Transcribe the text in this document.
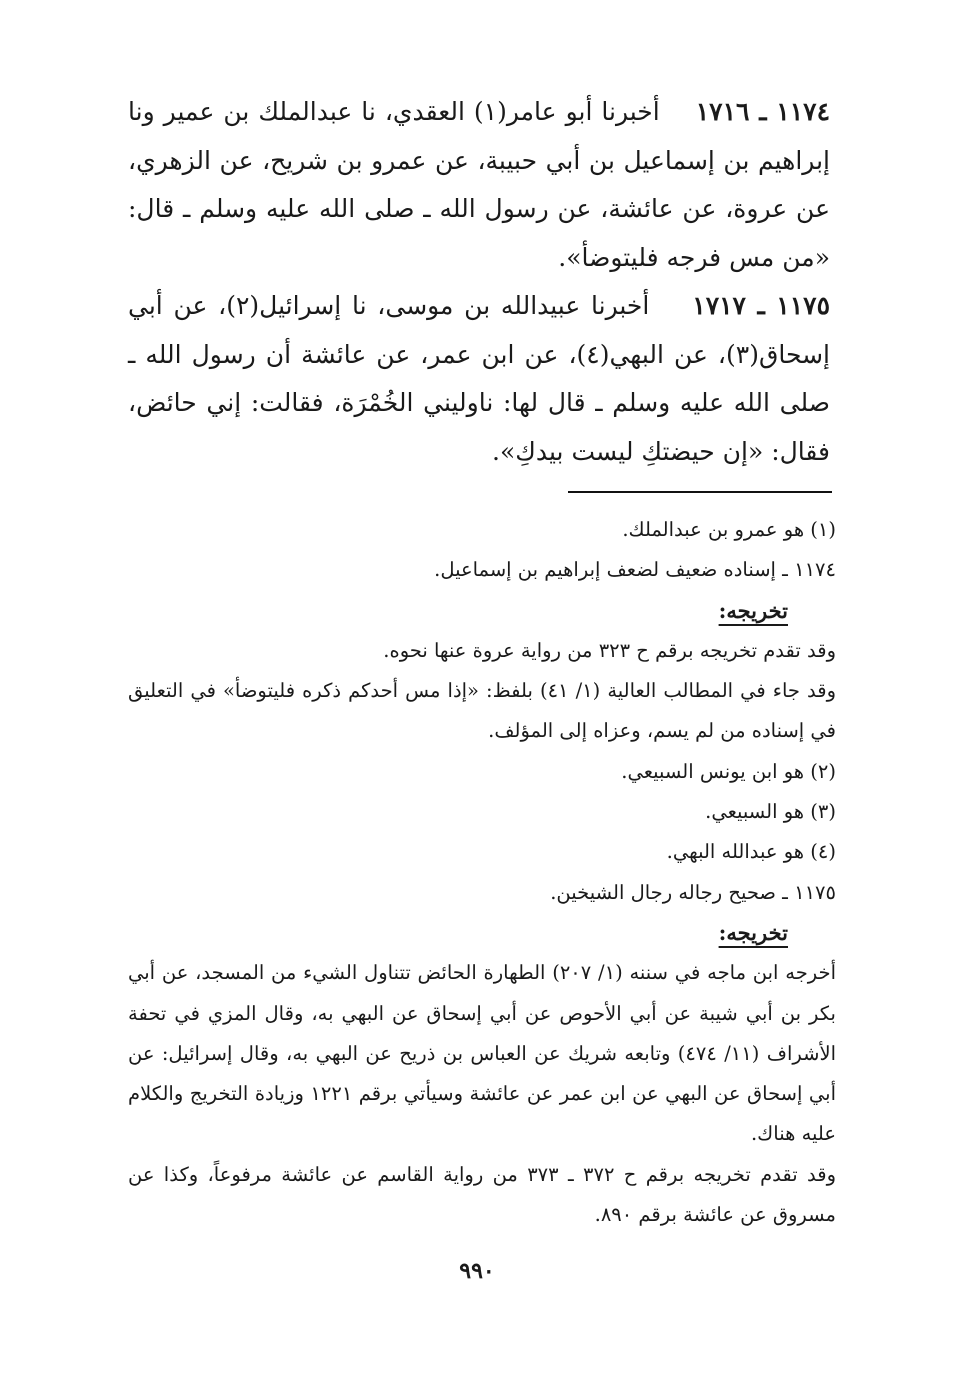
١١٧٤ ـ ١٧١٦    أخبرنا أبو عامر(١) العقدي، نا عبدالملك بن عمير ونا إبراهيم بن إسماعيل بن أبي حبيبة، عن عمرو بن شريح، عن الزهري، عن عروة، عن عائشة، عن رسول الله ـ صلى الله عليه وسلم ـ قال: «من مس فرجه فليتوضأ».

١١٧٥ ـ ١٧١٧    أخبرنا عبيدالله بن موسى، نا إسرائيل(٢)، عن أبي إسحاق(٣)، عن البهي(٤)، عن ابن عمر، عن عائشة أن رسول الله ـ صلى الله عليه وسلم ـ قال لها: ناوليني الخُمْرَة، فقالت: إني حائض، فقال: «إن حيضتكِ ليست بيدكِ».

(١) هو عمرو بن عبدالملك.

١١٧٤ ـ إسناده ضعيف لضعف إبراهيم بن إسماعيل.

تخريجه:

وقد تقدم تخريجه برقم ح ٣٢٣ من رواية عروة عنها نحوه.

وقد جاء في المطالب العالية (١/ ٤١) بلفظ: «إذا مس أحدكم ذكره فليتوضأ» في التعليق في إسناده من لم يسم، وعزاه إلى المؤلف.

(٢) هو ابن يونس السبيعي.

(٣) هو السبيعي.

(٤) هو عبدالله البهي.

١١٧٥ ـ صحيح رجاله رجال الشيخين.

تخريجه:

أخرجه ابن ماجه في سننه (١/ ٢٠٧) الطهارة الحائض تتناول الشيء من المسجد، عن أبي بكر بن أبي شيبة عن أبي الأحوص عن أبي إسحاق عن البهي به، وقال المزي في تحفة الأشراف (١١/ ٤٧٤) وتابعه شريك عن العباس بن ذريح عن البهي به، وقال إسرائيل: عن أبي إسحاق عن البهي عن ابن عمر عن عائشة وسيأتي برقم ١٢٢١ وزيادة التخريج والكلام عليه هناك.

وقد تقدم تخريجه برقم ح ٣٧٢ ـ ٣٧٣ من رواية القاسم عن عائشة مرفوعاً، وكذا عن مسروق عن عائشة برقم ٨٩٠.

٩٩٠
